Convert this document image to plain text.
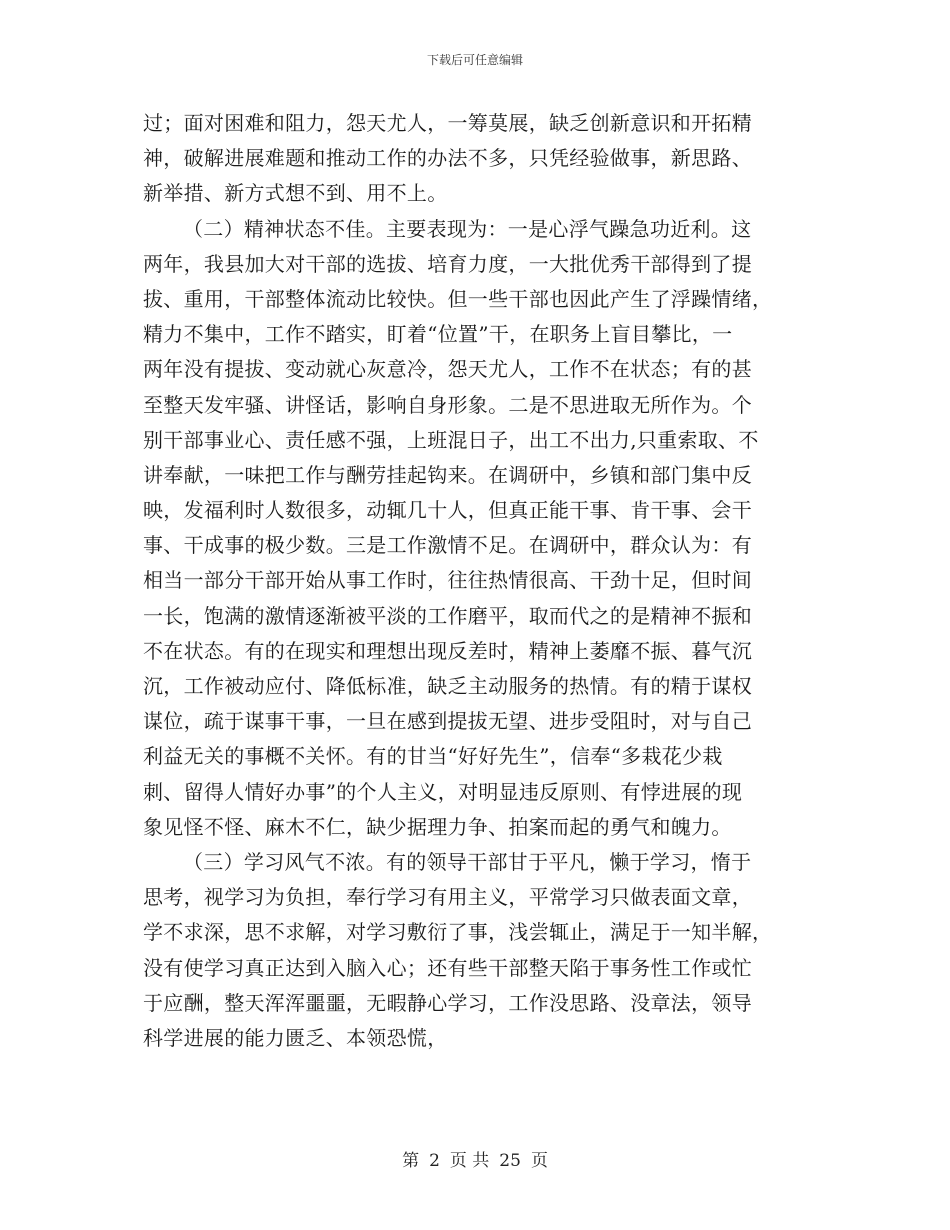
下载后可任意编辑
过；面对困难和阻力，怨天尤人，一筹莫展，缺乏创新意识和开拓精
神，破解进展难题和推动工作的办法不多，只凭经验做事，新思路、
新举措、新方式想不到、用不上。
（二）精神状态不佳。主要表现为：一是心浮气躁急功近利。这
两年，我县加大对干部的选拔、培育力度，一大批优秀干部得到了提
拔、重用，干部整体流动比较快。但一些干部也因此产生了浮躁情绪，
精力不集中，工作不踏实，盯着“位置”干，在职务上盲目攀比，一
两年没有提拔、变动就心灰意冷，怨天尤人，工作不在状态；有的甚
至整天发牢骚、讲怪话，影响自身形象。二是不思进取无所作为。个
别干部事业心、责任感不强，上班混日子，出工不出力,只重索取、不
讲奉献，一味把工作与酬劳挂起钩来。在调研中，乡镇和部门集中反
映，发福利时人数很多，动辄几十人，但真正能干事、肯干事、会干
事、干成事的极少数。三是工作激情不足。在调研中，群众认为：有
相当一部分干部开始从事工作时，往往热情很高、干劲十足，但时间
一长，饱满的激情逐渐被平淡的工作磨平，取而代之的是精神不振和
不在状态。有的在现实和理想出现反差时，精神上萎靡不振、暮气沉
沉，工作被动应付、降低标准，缺乏主动服务的热情。有的精于谋权
谋位，疏于谋事干事，一旦在感到提拔无望、进步受阻时，对与自己
利益无关的事概不关怀。有的甘当“好好先生”，信奉“多栽花少栽
刺、留得人情好办事”的个人主义，对明显违反原则、有悖进展的现
象见怪不怪、麻木不仁，缺少据理力争、拍案而起的勇气和魄力。
（三）学习风气不浓。有的领导干部甘于平凡，懒于学习，惰于
思考，视学习为负担，奉行学习有用主义，平常学习只做表面文章，
学不求深，思不求解，对学习敷衍了事，浅尝辄止，满足于一知半解，
没有使学习真正达到入脑入心；还有些干部整天陷于事务性工作或忙
于应酬，整天浑浑噩噩，无暇静心学习，工作没思路、没章法，领导
科学进展的能力匮乏、本领恐慌，
第 2 页 共 25 页
